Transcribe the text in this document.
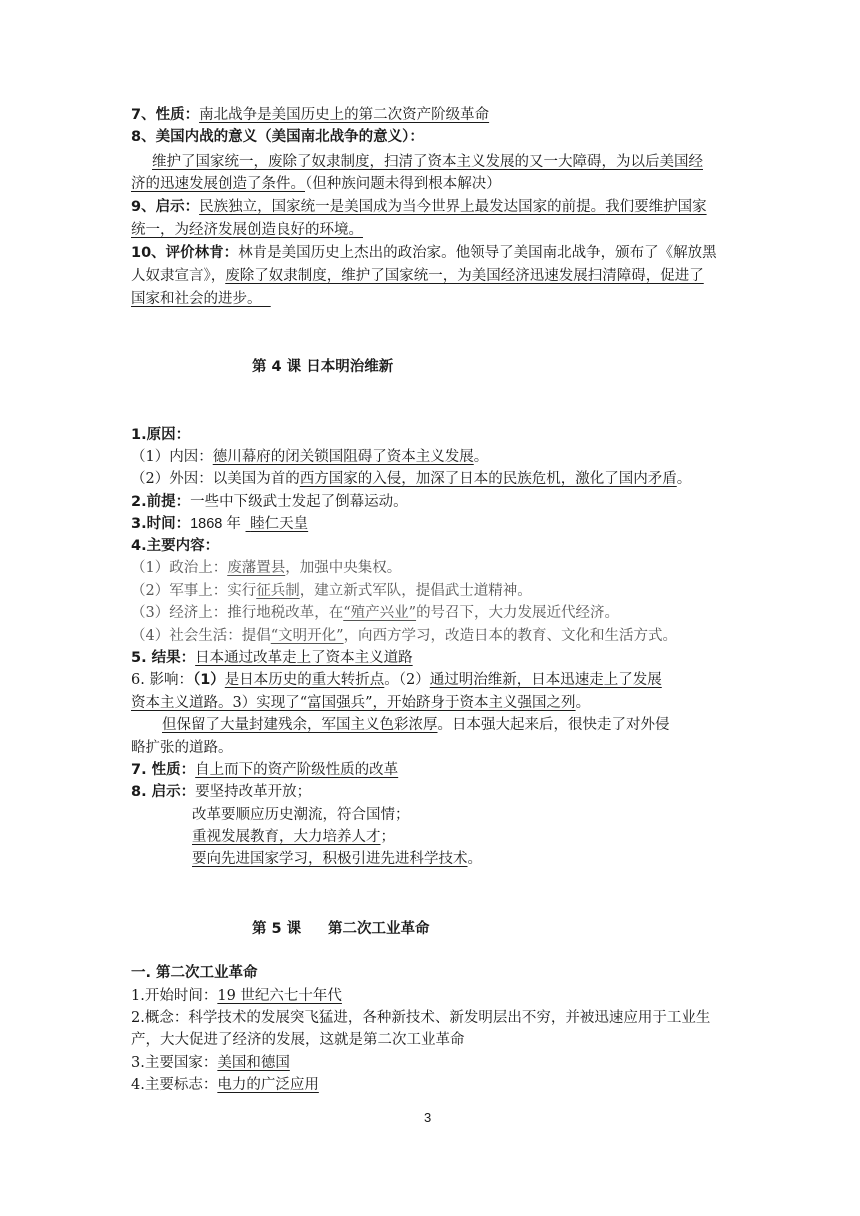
7、性质：南北战争是美国历史上的第二次资产阶级革命
8、美国内战的意义（美国南北战争的意义）：
维护了国家统一，废除了奴隶制度，扫清了资本主义发展的又一大障碍，为以后美国经
济的迅速发展创造了条件。（但种族问题未得到根本解决）
9、启示：民族独立，国家统一是美国成为当今世界上最发达国家的前提。我们要维护国家
统一，为经济发展创造良好的环境。
10、评价林肯：林肯是美国历史上杰出的政治家。他领导了美国南北战争，颁布了《解放黑
人奴隶宣言》，废除了奴隶制度，维护了国家统一，为美国经济迅速发展扫清障碍，促进了
国家和社会的进步。
第 4 课 日本明治维新
1.原因：
（1）内因：德川幕府的闭关锁国阻碍了资本主义发展。
（2）外因：以美国为首的西方国家的入侵，加深了日本的民族危机，激化了国内矛盾。
2.前提：一些中下级武士发起了倒幕运动。
3.时间：1868 年 睦仁天皇
4.主要内容：
（1）政治上：废藩置县，加强中央集权。
（2）军事上：实行征兵制，建立新式军队，提倡武士道精神。
（3）经济上：推行地税改革，在“殖产兴业”的号召下，大力发展近代经济。
（4）社会生活：提倡“文明开化”，向西方学习，改造日本的教育、文化和生活方式。
5. 结果：日本通过改革走上了资本主义道路
6. 影响：（1）是日本历史的重大转折点。（2）通过明治维新，日本迅速走上了发展
资本主义道路。3）实现了“富国强兵”，开始跻身于资本主义强国之列。
但保留了大量封建残余，军国主义色彩浓厚。日本强大起来后，很快走了对外侵
略扩张的道路。
7. 性质：自上而下的资产阶级性质的改革
8. 启示：要坚持改革开放；
改革要顺应历史潮流，符合国情；
重视发展教育，大力培养人才；
要向先进国家学习，积极引进先进科学技术。
第 5 课 第二次工业革命
一. 第二次工业革命
1.开始时间：19 世纪六七十年代
2.概念：科学技术的发展突飞猛进，各种新技术、新发明层出不穷，并被迅速应用于工业生
产，大大促进了经济的发展，这就是第二次工业革命
3.主要国家：美国和德国
4.主要标志：电力的广泛应用
3
